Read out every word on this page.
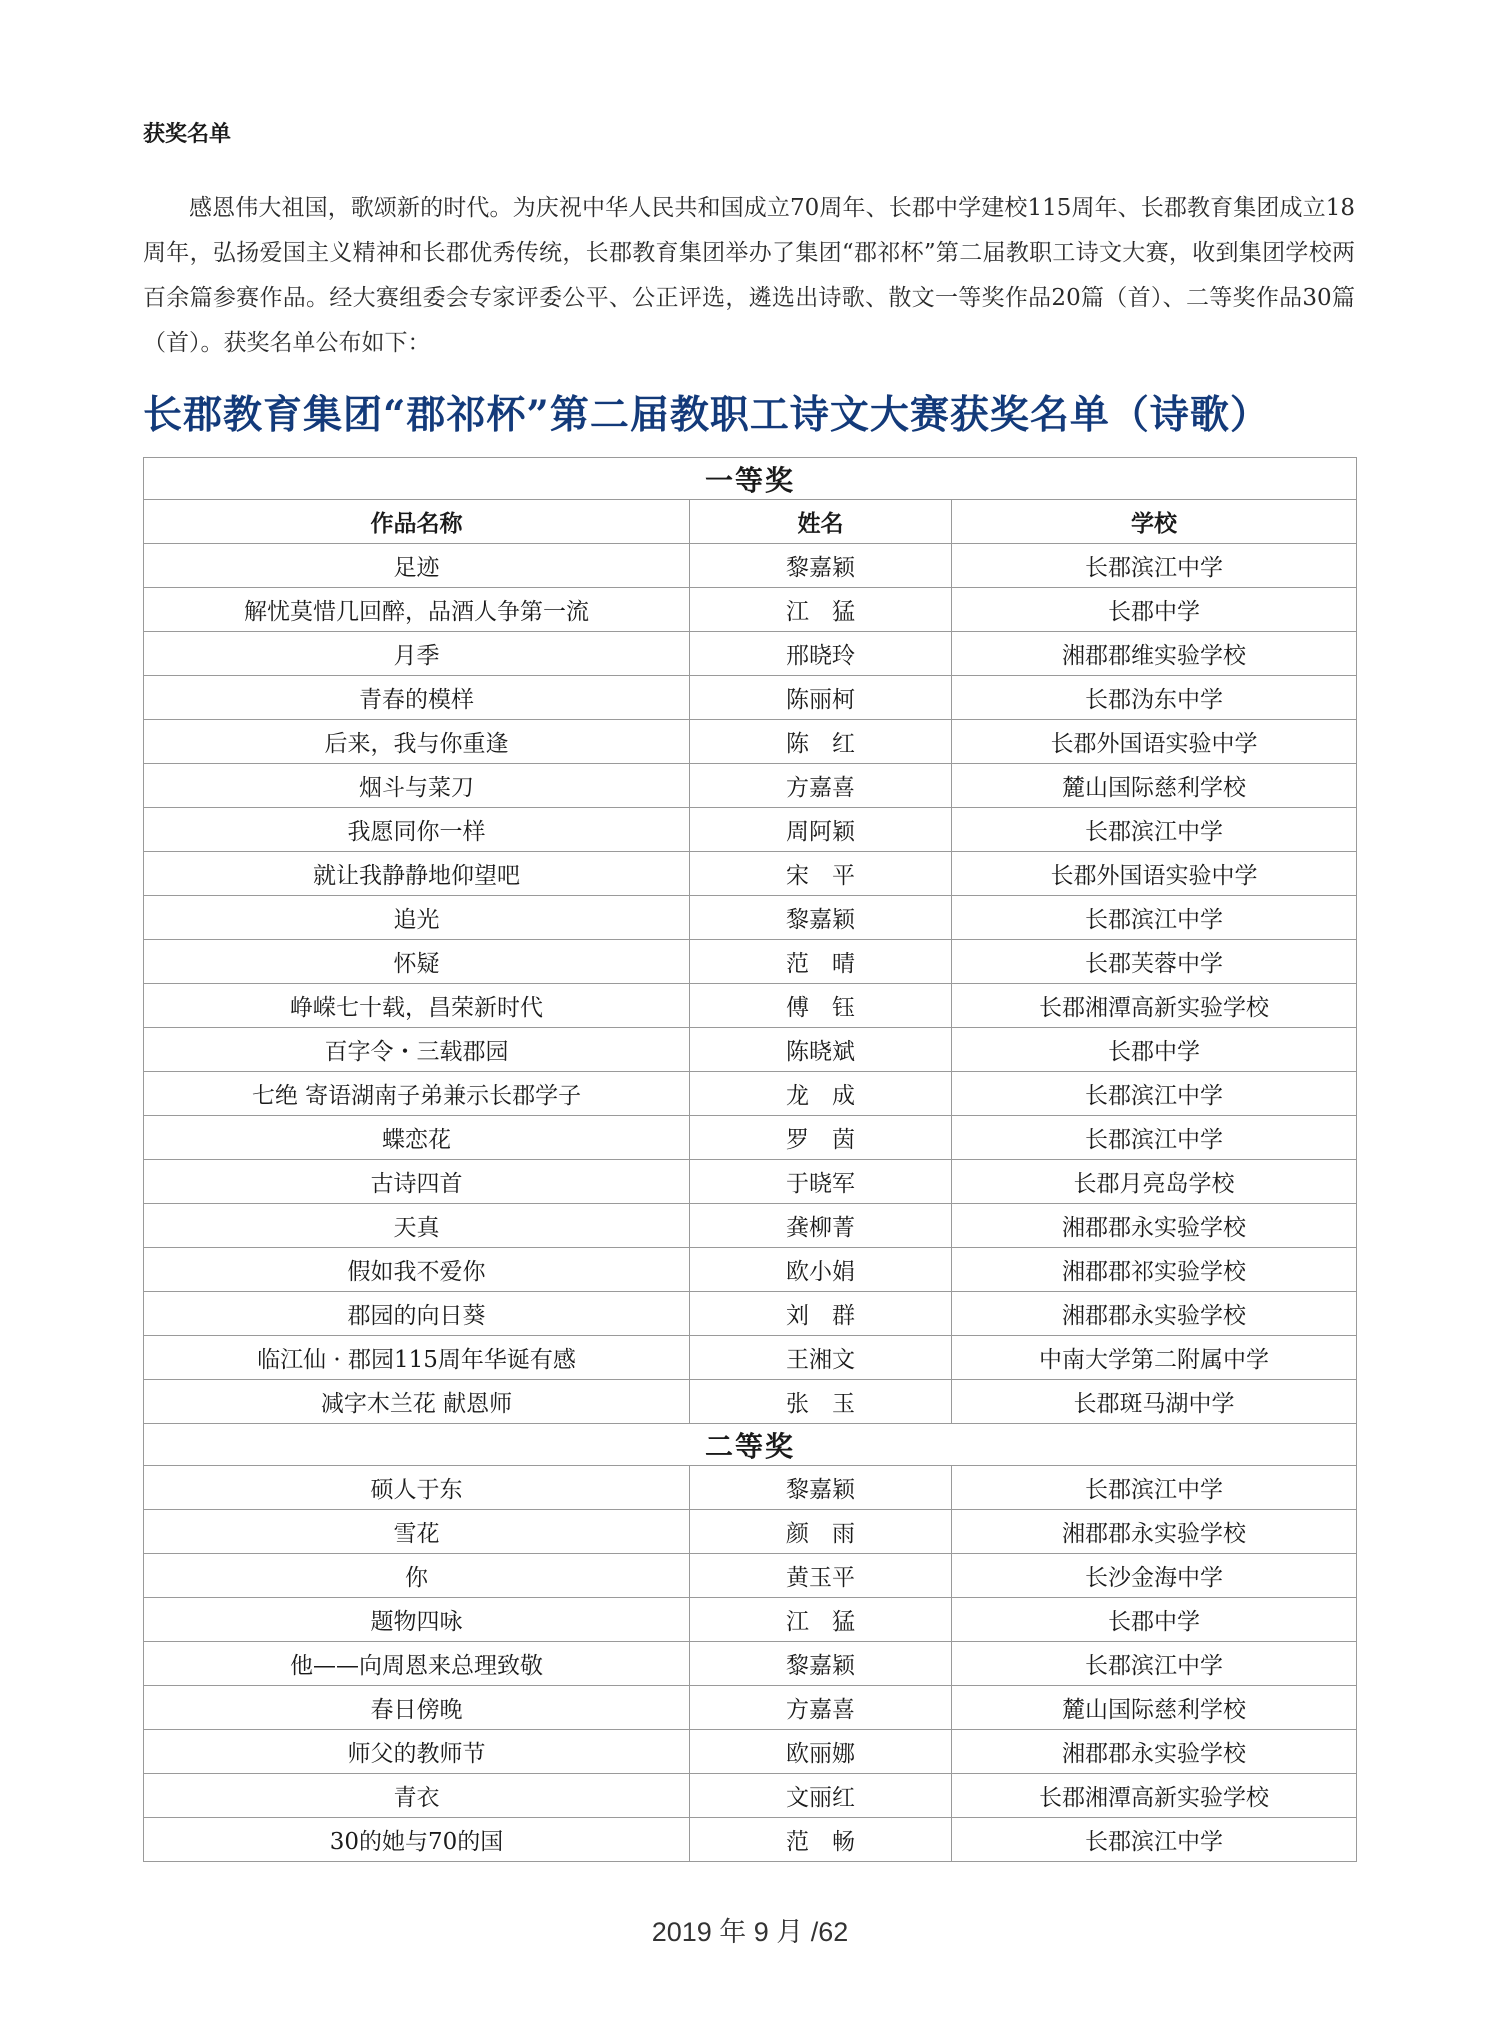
获奖名单

感恩伟大祖国，歌颂新的时代。为庆祝中华人民共和国成立70周年、长郡中学建校115周年、长郡教育集团成立18周年，弘扬爱国主义精神和长郡优秀传统，长郡教育集团举办了集团“郡祁杯”第二届教职工诗文大赛，收到集团学校两百余篇参赛作品。经大赛组委会专家评委公平、公正评选，遴选出诗歌、散文一等奖作品20篇（首）、二等奖作品30篇（首）。获奖名单公布如下：

长郡教育集团“郡祁杯”第二届教职工诗文大赛获奖名单（诗歌）
一等奖		
作品名称	姓名	学校
足迹	黎嘉颖	长郡滨江中学
解忧莫惜几回醉，品酒人争第一流	江　猛	长郡中学
月季	邢晓玲	湘郡郡维实验学校
青春的模样	陈丽柯	长郡沩东中学
后来，我与你重逢	陈　红	长郡外国语实验中学
烟斗与菜刀	方嘉喜	麓山国际慈利学校
我愿同你一样	周阿颖	长郡滨江中学
就让我静静地仰望吧	宋　平	长郡外国语实验中学
追光	黎嘉颖	长郡滨江中学
怀疑	范　晴	长郡芙蓉中学
峥嵘七十载，昌荣新时代	傅　钰	长郡湘潭高新实验学校
百字令・三载郡园	陈晓斌	长郡中学
七绝 寄语湖南子弟兼示长郡学子	龙　成	长郡滨江中学
蝶恋花	罗　茵	长郡滨江中学
古诗四首	于晓军	长郡月亮岛学校
天真	龚柳菁	湘郡郡永实验学校
假如我不爱你	欧小娟	湘郡郡祁实验学校
郡园的向日葵	刘　群	湘郡郡永实验学校
临江仙 · 郡园115周年华诞有感	王湘文	中南大学第二附属中学
减字木兰花 献恩师	张　玉	长郡斑马湖中学
二等奖		
硕人于东	黎嘉颖	长郡滨江中学
雪花	颜　雨	湘郡郡永实验学校
你	黄玉平	长沙金海中学
题物四咏	江　猛	长郡中学
他——向周恩来总理致敬	黎嘉颖	长郡滨江中学
春日傍晚	方嘉喜	麓山国际慈利学校
师父的教师节	欧丽娜	湘郡郡永实验学校
青衣	文丽红	长郡湘潭高新实验学校
30的她与70的国	范　畅	长郡滨江中学
2019 年 9 月 /62
